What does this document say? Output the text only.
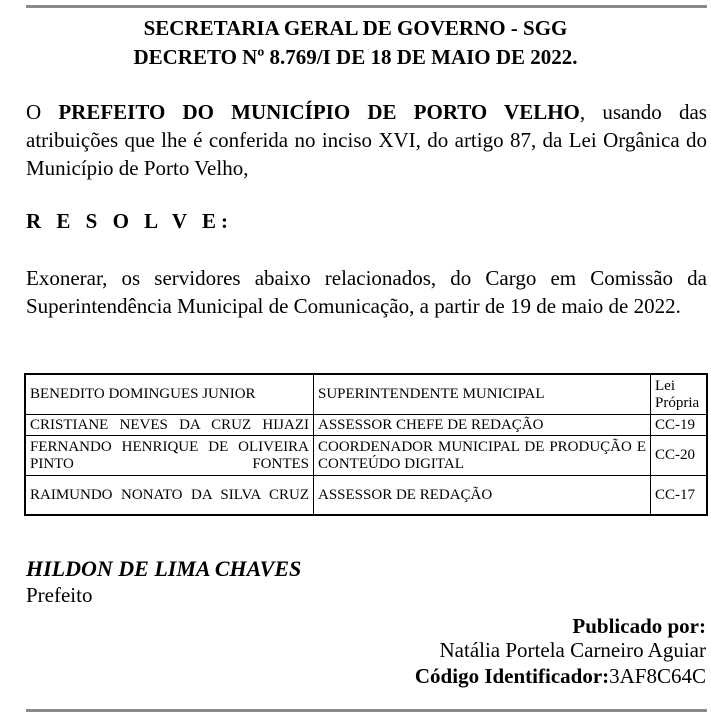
SECRETARIA GERAL DE GOVERNO - SGG
DECRETO Nº 8.769/I DE 18 DE MAIO DE 2022.
O PREFEITO DO MUNICÍPIO DE PORTO VELHO, usando das atribuições que lhe é conferida no inciso XVI, do artigo 87, da Lei Orgânica do Município de Porto Velho,
R E S O L V E:
Exonerar, os servidores abaixo relacionados, do Cargo em Comissão da Superintendência Municipal de Comunicação, a partir de 19 de maio de 2022.
BENEDITO DOMINGUES JUNIOR	SUPERINTENDENTE MUNICIPAL	Lei Própria
CRISTIANE NEVES DA CRUZ HIJAZI	ASSESSOR CHEFE DE REDAÇÃO	CC-19
FERNANDO HENRIQUE DE OLIVEIRA PINTO FONTES	COORDENADOR MUNICIPAL DE PRODUÇÃO E CONTEÚDO DIGITAL	CC-20
RAIMUNDO NONATO DA SILVA CRUZ	ASSESSOR DE REDAÇÃO	CC-17
HILDON DE LIMA CHAVES
Prefeito
Publicado por:
Natália Portela Carneiro Aguiar
Código Identificador:3AF8C64C
